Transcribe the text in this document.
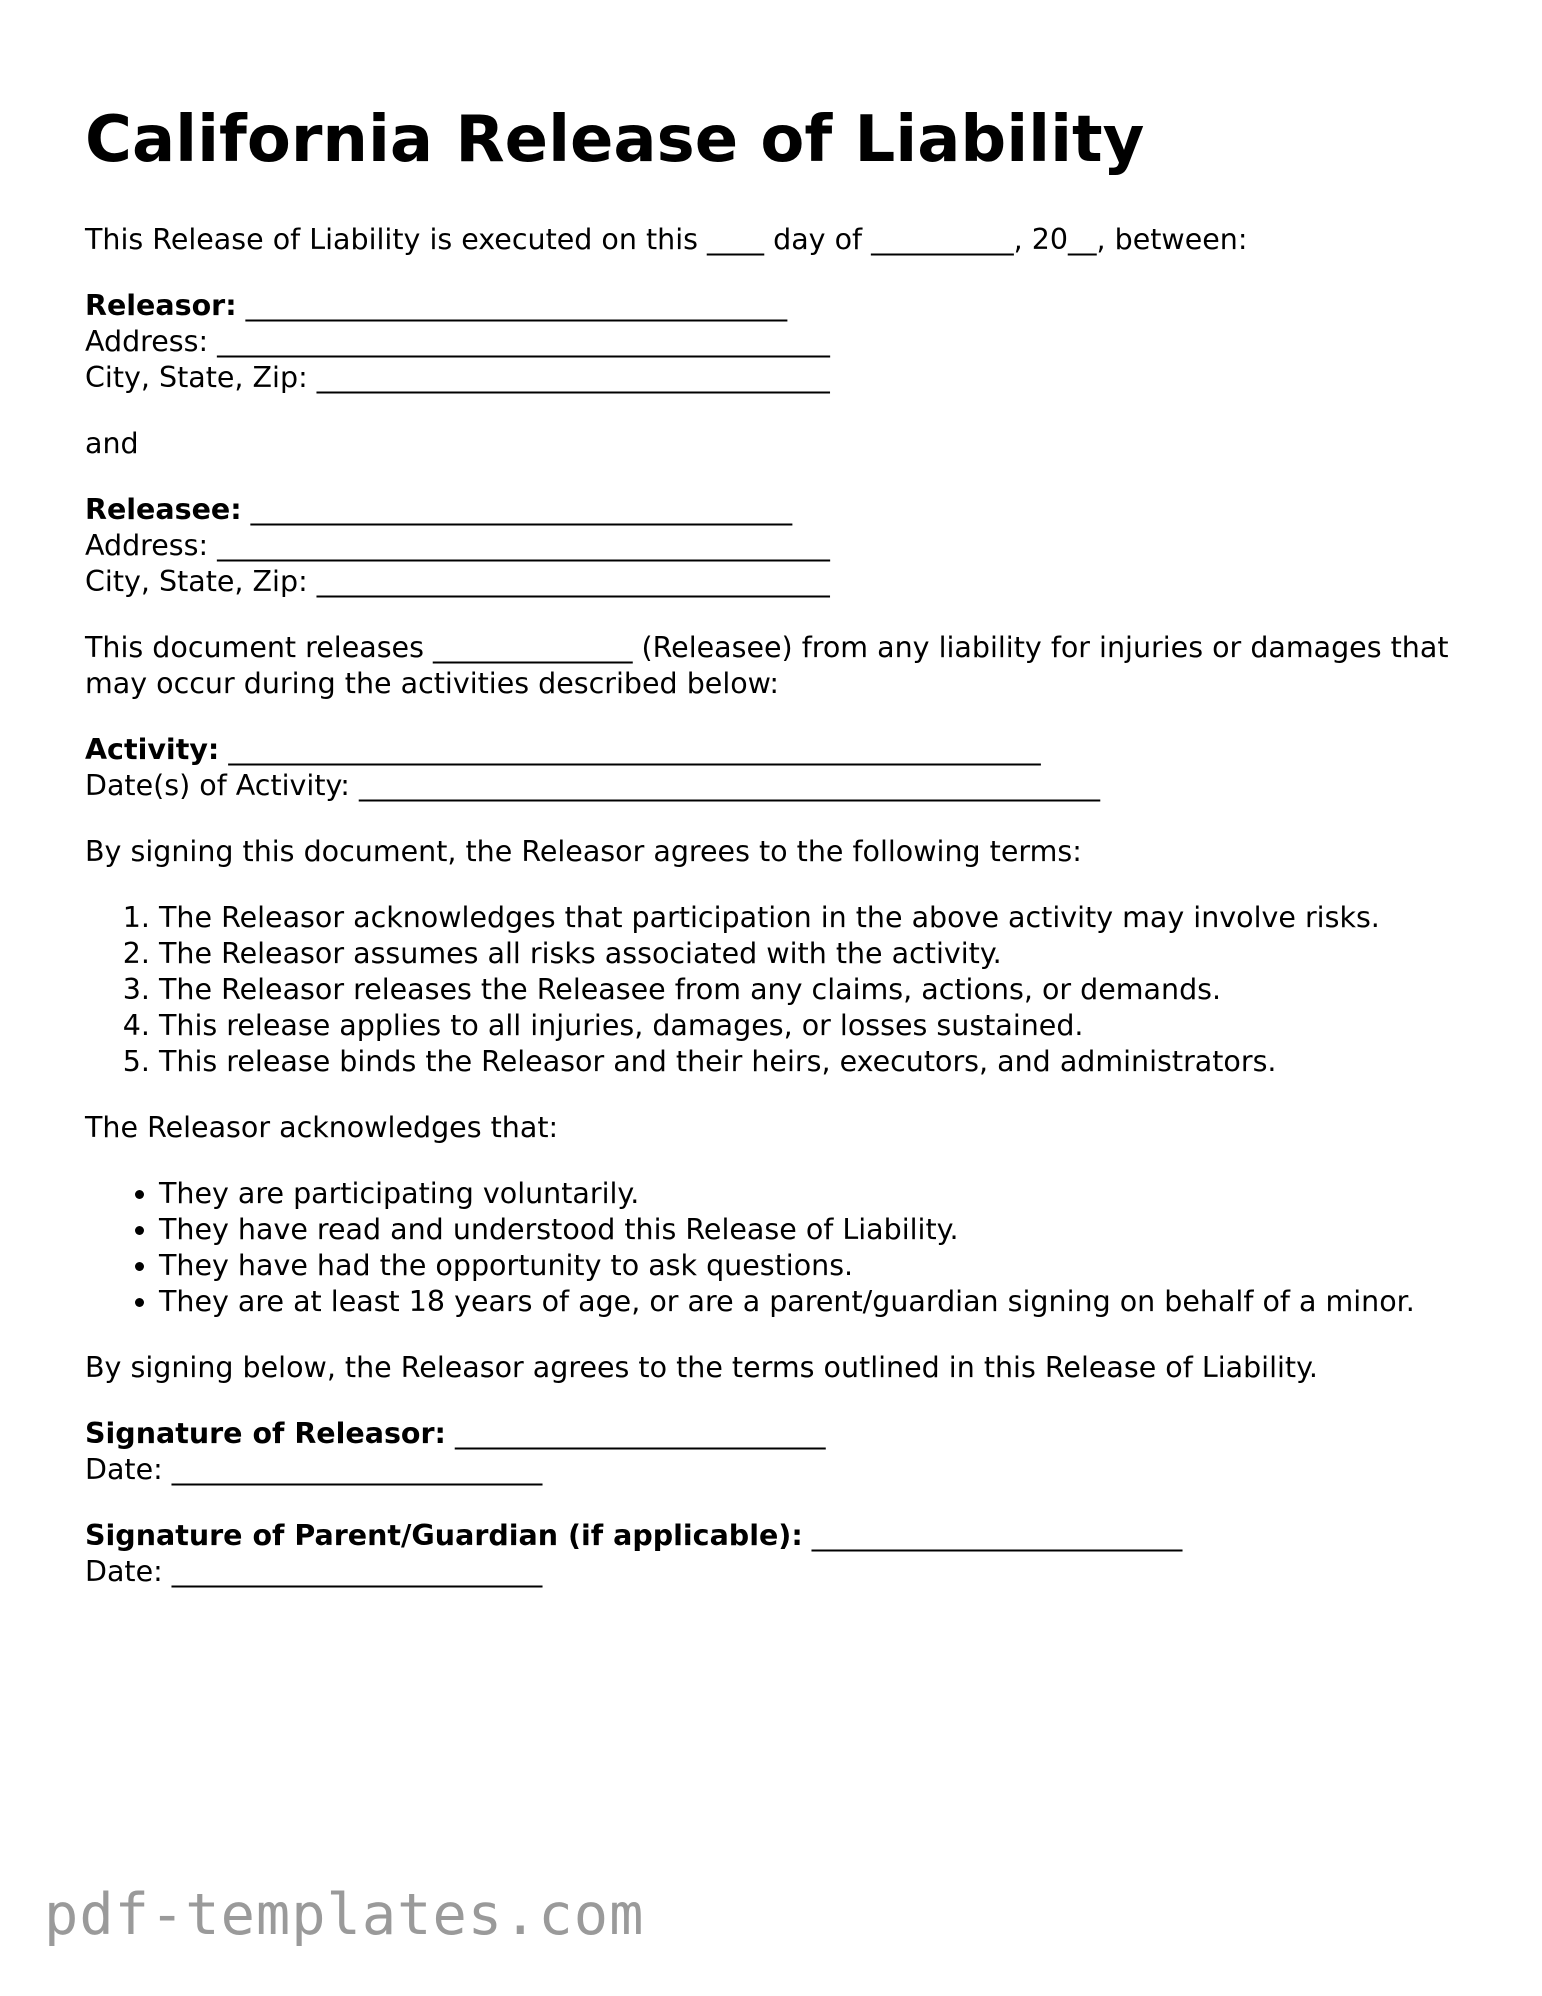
California Release of Liability

This Release of Liability is executed on this ____ day of __________, 20__, between:

Releasor: ______________________________________
Address: ___________________________________________
City, State, Zip: ____________________________________

and

Releasee: ______________________________________
Address: ___________________________________________
City, State, Zip: ____________________________________

This document releases ______________ (Releasee) from any liability for injuries or damages that may occur during the activities described below:

Activity: _________________________________________________________
Date(s) of Activity: ____________________________________________________

By signing this document, the Releasor agrees to the following terms:

1. The Releasor acknowledges that participation in the above activity may involve risks.
2. The Releasor assumes all risks associated with the activity.
3. The Releasor releases the Releasee from any claims, actions, or demands.
4. This release applies to all injuries, damages, or losses sustained.
5. This release binds the Releasor and their heirs, executors, and administrators.

The Releasor acknowledges that:

• They are participating voluntarily.
• They have read and understood this Release of Liability.
• They have had the opportunity to ask questions.
• They are at least 18 years of age, or are a parent/guardian signing on behalf of a minor.

By signing below, the Releasor agrees to the terms outlined in this Release of Liability.

Signature of Releasor: __________________________
Date: __________________________
Signature of Parent/Guardian (if applicable): __________________________
Date: __________________________
pdf-templates.com
